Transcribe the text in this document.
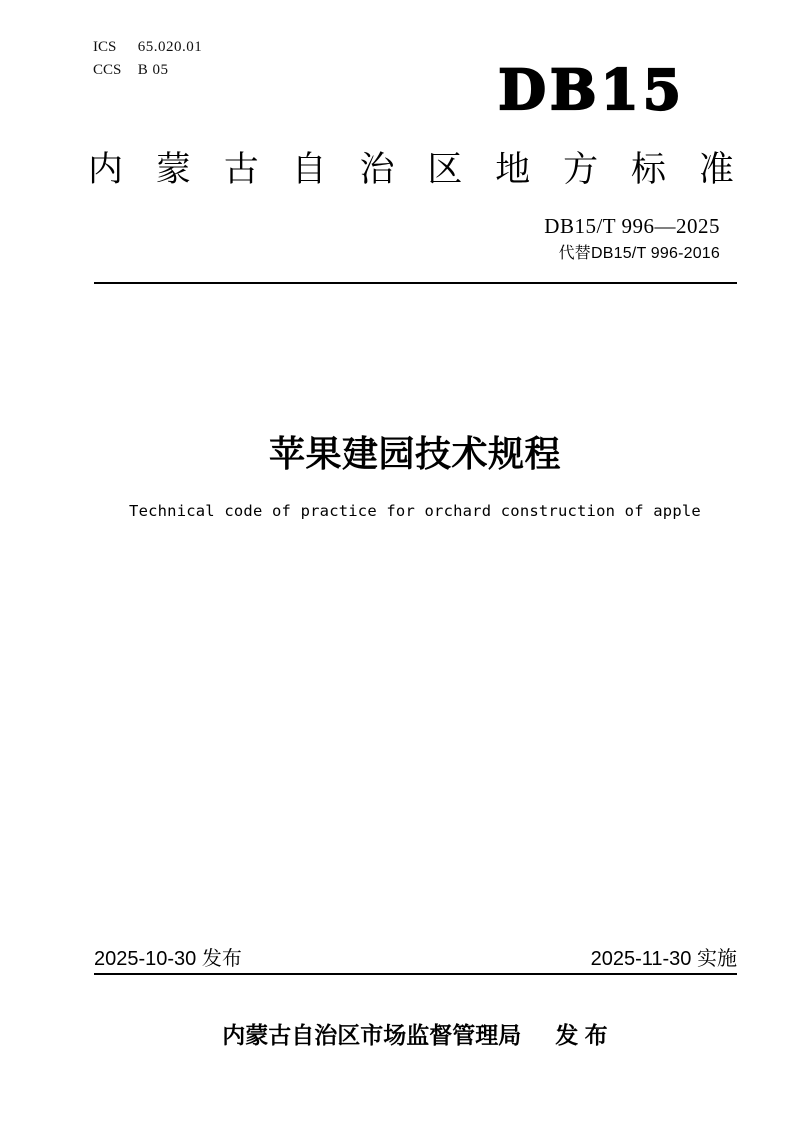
ICS 65.020.01
CCS B 05	DB15
内 蒙 古 自 治 区 地 方 标 准
DB15/T 996—2025
代替DB15/T 996-2016
苹果建园技术规程
Technical code of practice for orchard construction of apple
2025-10-30 发布	2025-11-30 实施
内蒙古自治区市场监督管理局 发 布
